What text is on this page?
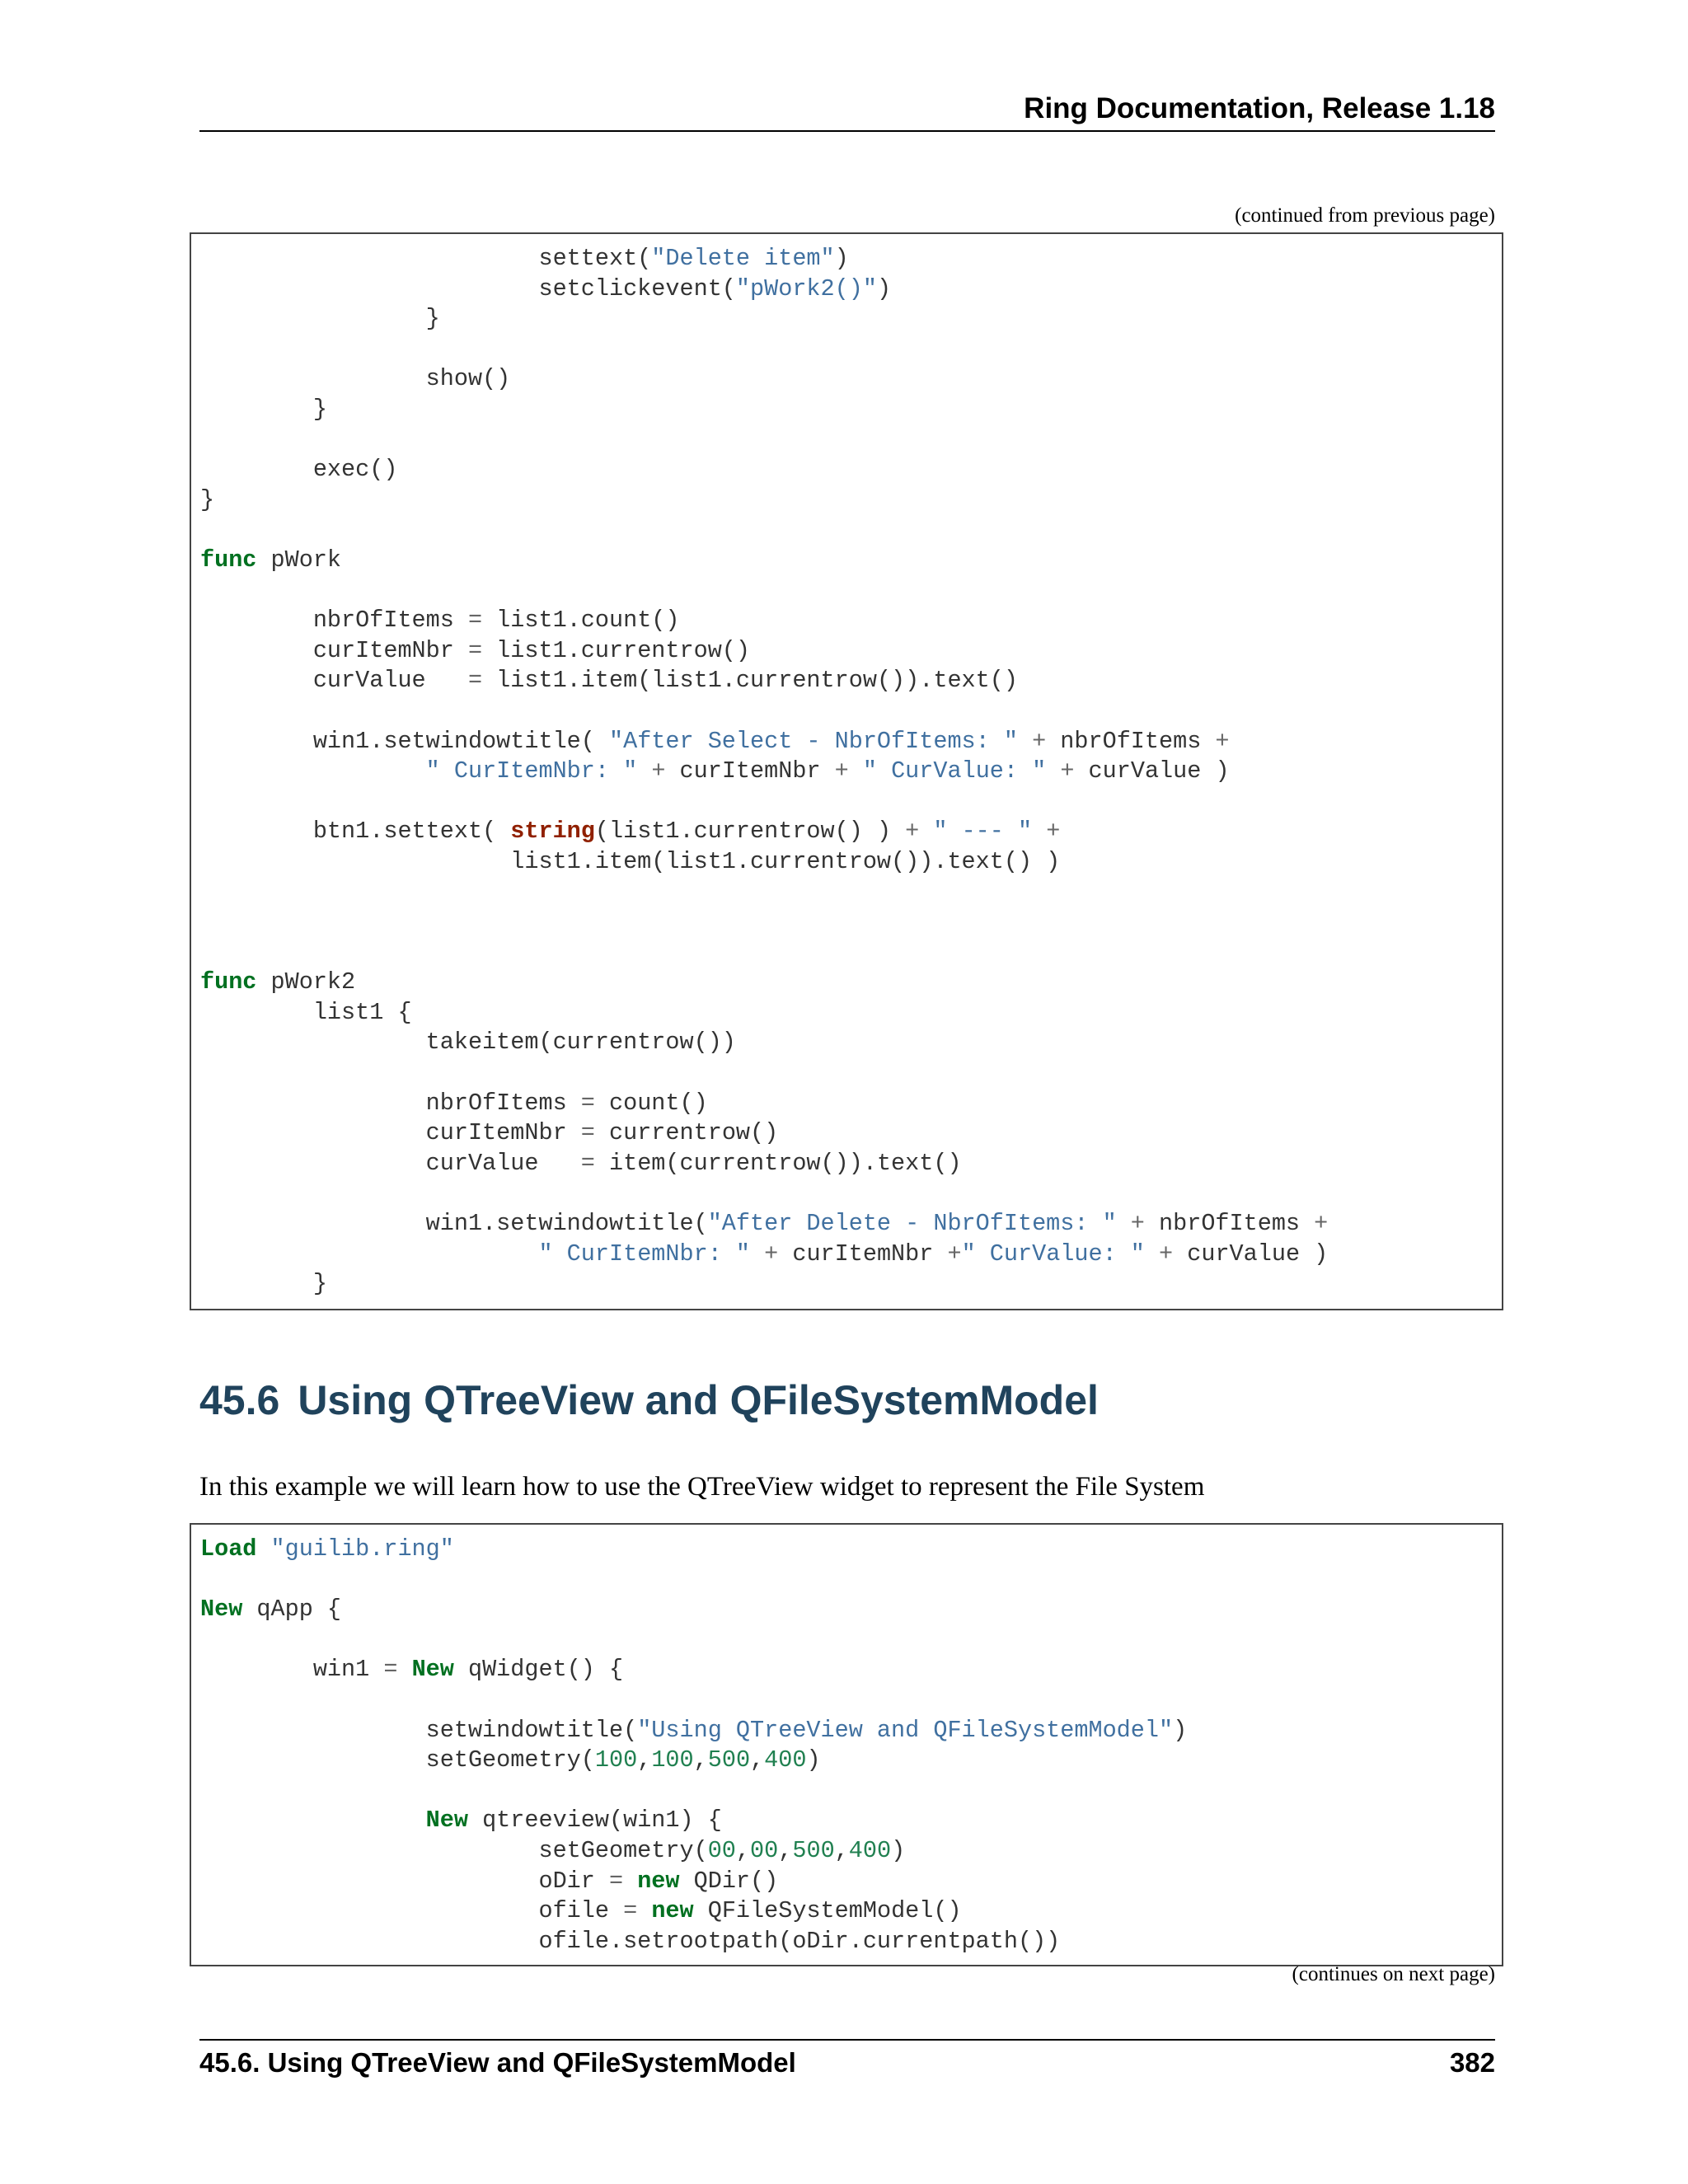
Ring Documentation, Release 1.18
(continued from previous page)
settext("Delete item")
setclickevent("pWork2()")
}

show()
}

exec()
}

func pWork

nbrOfItems = list1.count()
curItemNbr = list1.currentrow()
curValue   = list1.item(list1.currentrow()).text()

win1.setwindowtitle( "After Select - NbrOfItems: " + nbrOfItems +
" CurItemNbr: " + curItemNbr + " CurValue: " + curValue )

btn1.settext( string(list1.currentrow() ) + " --- " +
list1.item(list1.currentrow()).text() )

func pWork2
list1 {
takeitem(currentrow())

nbrOfItems = count()
curItemNbr = currentrow()
curValue   = item(currentrow()).text()

win1.setwindowtitle("After Delete - NbrOfItems: " + nbrOfItems +
" CurItemNbr: " + curItemNbr +" CurValue: " + curValue )
}
45.6 Using QTreeView and QFileSystemModel

In this example we will learn how to use the QTreeView widget to represent the File System

Load "guilib.ring"

New qApp {

win1 = New qWidget() {

setwindowtitle("Using QTreeView and QFileSystemModel")
setGeometry(100,100,500,400)

New qtreeview(win1) {
setGeometry(00,00,500,400)
oDir = new QDir()
ofile = new QFileSystemModel()
ofile.setrootpath(oDir.currentpath())
(continues on next page)
45.6. Using QTreeView and QFileSystemModel	382
